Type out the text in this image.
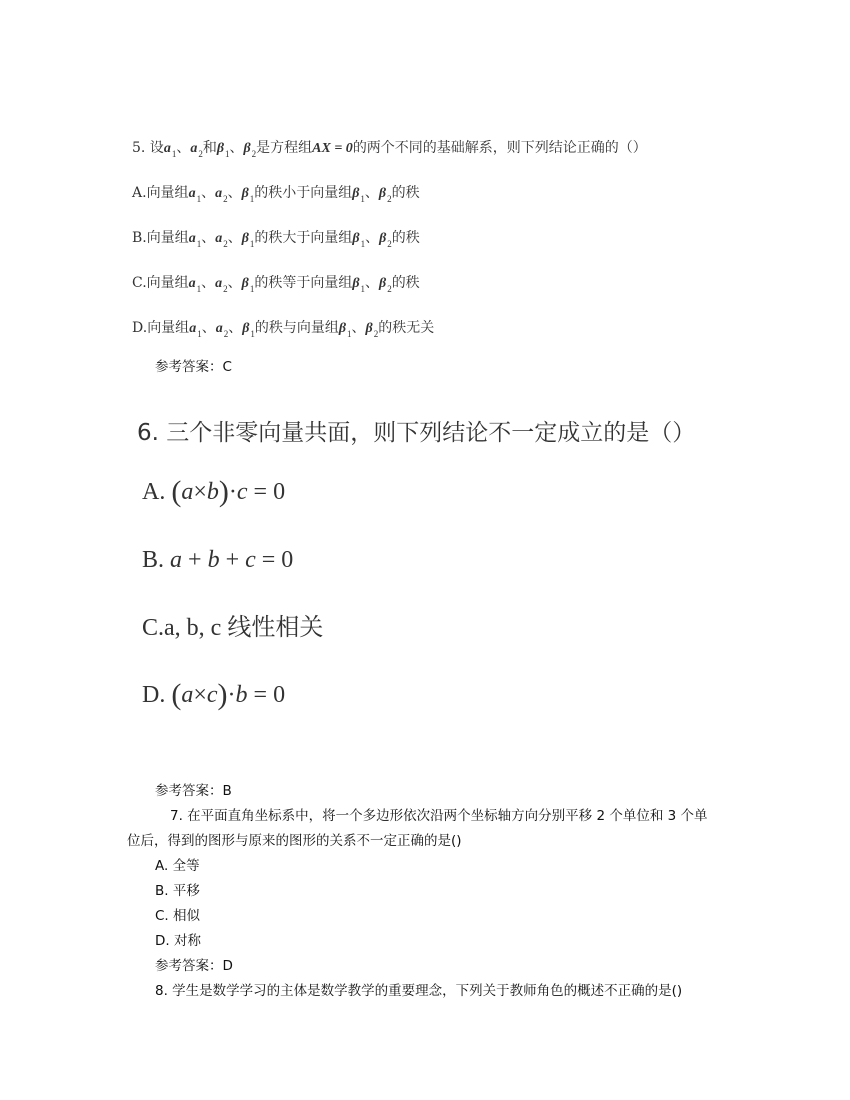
5. 设$a_1$、$a_2$和$\beta_1$、$\beta_2$是方程组AX = 0的两个不同的基础解系，则下列结论正确的（）
A.向量组$a_1$、$a_2$、$\beta_1$的秩小于向量组$\beta_1$、$\beta_2$的秩
B.向量组$a_1$、$a_2$、$\beta_1$的秩大于向量组$\beta_1$、$\beta_2$的秩
C.向量组$a_1$、$a_2$、$\beta_1$的秩等于向量组$\beta_1$、$\beta_2$的秩
D.向量组$a_1$、$a_2$、$\beta_1$的秩与向量组$\beta_1$、$\beta_2$的秩无关
参考答案：C
6. 三个非零向量共面，则下列结论不一定成立的是（）
A. (a×b)·c = 0
B. a + b + c = 0
C.a, b, c 线性相关
D. (a×c)·b = 0
参考答案：B
7. 在平面直角坐标系中，将一个多边形依次沿两个坐标轴方向分别平移 2 个单位和 3 个单
位后，得到的图形与原来的图形的关系不一定正确的是()
A. 全等
B. 平移
C. 相似
D. 对称
参考答案：D
8. 学生是数学学习的主体是数学教学的重要理念，下列关于教师角色的概述不正确的是()
